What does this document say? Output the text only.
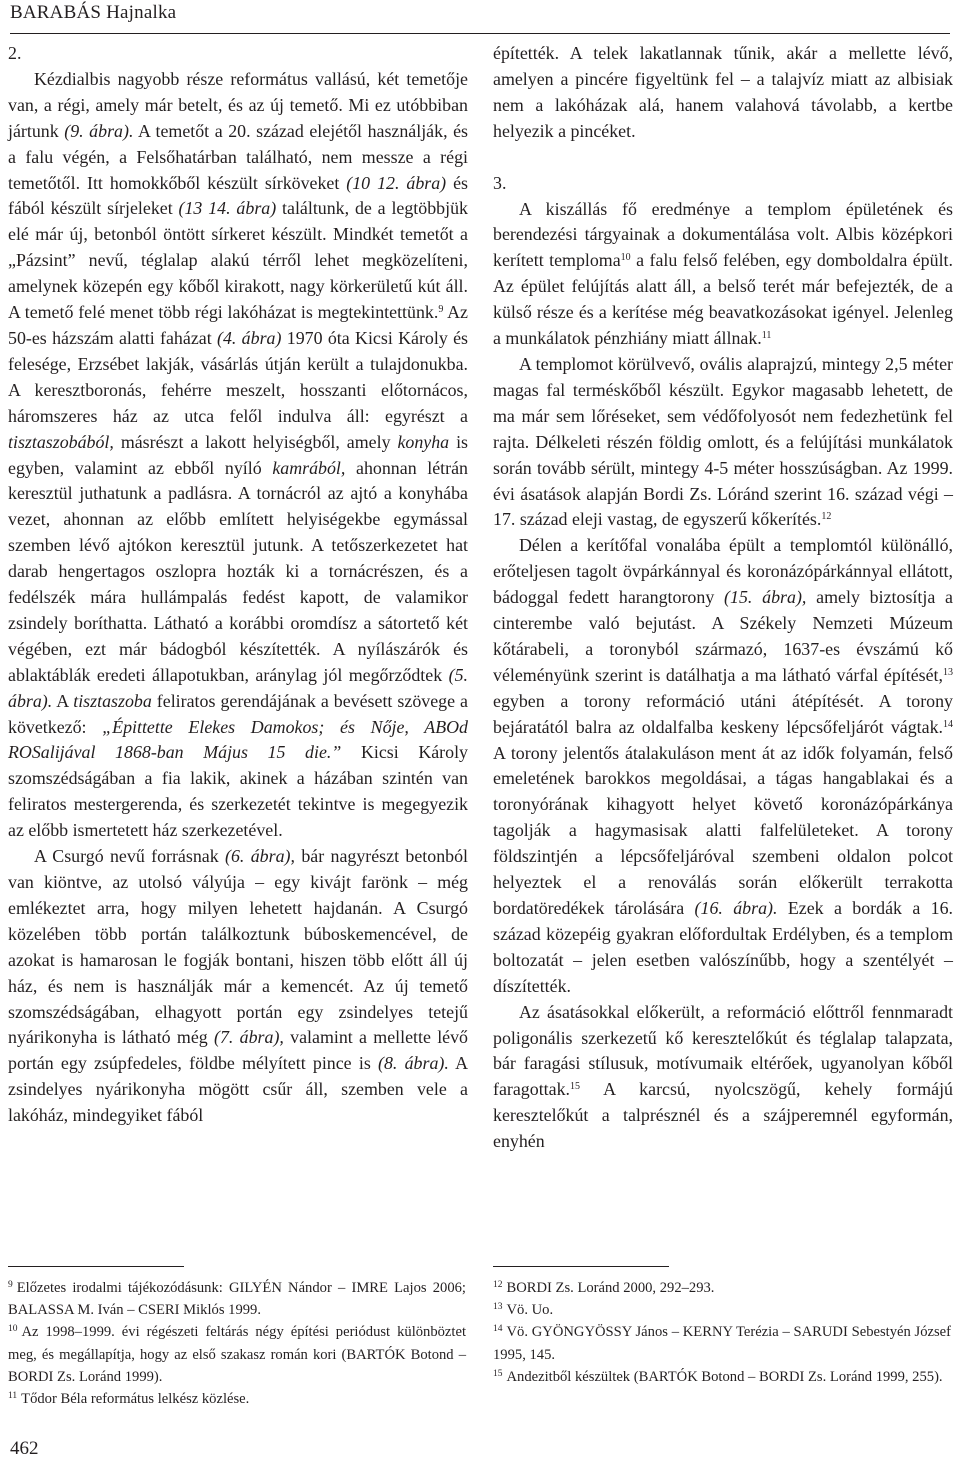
BARABÁS Hajnalka

2.

Kézdialbis nagyobb része református vallású, két temetője van, a régi, amely már betelt, és az új temető. Mi ez utóbbiban jártunk (9. ábra). A temetőt a 20. század elejétől használják, és a falu végén, a Felsőhatárban található, nem messze a régi temetőtől. Itt homokkőből készült sírköveket (10 12. ábra) és fából készült sírjeleket (13 14. ábra) találtunk, de a legtöbbjük elé már új, betonból öntött sírkeret készült. Mindkét temetőt a „Pázsint” nevű, téglalap alakú térről lehet megközelíteni, amelynek közepén egy kőből kirakott, nagy körkerületű kút áll. A temető felé menet több régi lakóházat is megtekintettünk.$^9$ Az 50-es házszám alatti faházat (4. ábra) 1970 óta Kicsi Károly és felesége, Erzsébet lakják, vásárlás útján került a tulajdonukba. A keresztboronás, fehérre meszelt, hosszanti előtornácos, háromszeres ház az utca felől indulva áll: egyrészt a tisztaszobából, másrészt a lakott helyiségből, amely konyha is egyben, valamint az ebből nyíló kamrából, ahonnan létrán keresztül juthatunk a padlásra. A tornácról az ajtó a konyhába vezet, ahonnan az előbb említett helyiségekbe egymással szemben lévő ajtókon keresztül jutunk. A tetőszerkezetet hat darab hengertagos oszlopra hozták ki a tornácrészen, és a fedélszék mára hullámpalás fedést kapott, de valamikor zsindely boríthatta. Látható a korábbi oromdísz a sátortető két végében, ezt már bádogból készítették. A nyílászárók és ablaktáblák eredeti állapotukban, aránylag jól megőrződtek (5. ábra). A tisztaszoba feliratos gerendájának a bevésett szövege a következő: „Épittette Elekes Damokos; és Nője, ABOd ROSalijával 1868-ban Május 15 die.” Kicsi Károly szomszédságában a fia lakik, akinek a házában szintén van feliratos mestergerenda, és szerkezetét tekintve is megegyezik az előbb ismertetett ház szerkezetével.

A Csurgó nevű forrásnak (6. ábra), bár nagyrészt betonból van kiöntve, az utolsó vályúja – egy kivájt farönk – még emlékeztet arra, hogy milyen lehetett hajdanán. A Csurgó közelében több portán találkoztunk búboskemencével, de azokat is hamarosan le fogják bontani, hiszen több előtt áll új ház, és nem is használják már a kemencét. Az új temető szomszédságában, elhagyott portán egy zsindelyes tetejű nyárikonyha is látható még (7. ábra), valamint a mellette lévő portán egy zsúpfedeles, földbe mélyített pince is (8. ábra). A zsindelyes nyárikonyha mögött csűr áll, szemben vele a lakóház, mindegyiket fából

építették. A telek lakatlannak tűnik, akár a mellette lévő, amelyen a pincére figyeltünk fel – a talajvíz miatt az albisiak nem a lakóházak alá, hanem valahová távolabb, a kertbe helyezik a pincéket.

3.

A kiszállás fő eredménye a templom épületének és berendezési tárgyainak a dokumentálása volt. Albis középkori kerített temploma$^{10}$ a falu felső felében, egy domboldalra épült. Az épület felújítás alatt áll, a belső terét már befejezték, de a külső része és a kerítése még beavatkozásokat igényel. Jelenleg a munkálatok pénzhiány miatt állnak.$^{11}$

A templomot körülvevő, ovális alaprajzú, mintegy 2,5 méter magas fal terméskőből készült. Egykor magasabb lehetett, de ma már sem lőréseket, sem védőfolyosót nem fedezhetünk fel rajta. Délkeleti részén földig omlott, és a felújítási munkálatok során tovább sérült, mintegy 4-5 méter hosszúságban. Az 1999. évi ásatások alapján Bordi Zs. Lóránd szerint 16. század végi – 17. század eleji vastag, de egyszerű kőkerítés.$^{12}$

Délen a kerítőfal vonalába épült a templomtól különálló, erőteljesen tagolt övpárkánnyal és koronázópárkánnyal ellátott, bádoggal fedett harangtorony (15. ábra), amely biztosítja a cinterembe való bejutást. A Székely Nemzeti Múzeum kőtárabeli, a toronyból származó, 1637-es évszámú kő véleményünk szerint is datálhatja a ma látható várfal építését,$^{13}$ egyben a torony reformáció utáni átépítését. A torony bejáratától balra az oldalfalba keskeny lépcsőfeljárót vágtak.$^{14}$ A torony jelentős átalakuláson ment át az idők folyamán, felső emeletének barokkos megoldásai, a tágas hangablakai és a toronyórának kihagyott helyet követő koronázópárkánya tagolják a hagymasisak alatti falfelületeket. A torony földszintjén a lépcsőfeljáróval szembeni oldalon polcot helyeztek el a renoválás során előkerült terrakotta bordatöredékek tárolására (16. ábra). Ezek a bordák a 16. század közepéig gyakran előfordultak Erdélyben, és a templom boltozatát – jelen esetben valószínűbb, hogy a szentélyét – díszítették.

Az ásatásokkal előkerült, a reformáció előttről fennmaradt poligonális szerkezetű kő keresztelőkút és téglalap talapzata, bár faragási stílusuk, motívumaik eltérőek, ugyanolyan kőből faragottak.$^{15}$ A karcsú, nyolcszögű, kehely formájú keresztelőkút a talprésznél és a szájperemnél egyformán, enyhén

$^9$ Előzetes irodalmi tájékozódásunk: GILYÉN Nándor – IMRE Lajos 2006; BALASSA M. Iván – CSERI Miklós 1999.

$^{10}$ Az 1998–1999. évi régészeti feltárás négy építési periódust különböztet meg, és megállapítja, hogy az első szakasz román kori (BARTÓK Botond – BORDI Zs. Loránd 1999).

$^{11}$ Tődor Béla református lelkész közlése.

$^{12}$ BORDI Zs. Loránd 2000, 292–293.

$^{13}$ Vö. Uo.

$^{14}$ Vö. GYÖNGYÖSSY János – KERNY Terézia – SARUDI Sebestyén József 1995, 145.

$^{15}$ Andezitből készültek (BARTÓK Botond – BORDI Zs. Loránd 1999, 255).

462
